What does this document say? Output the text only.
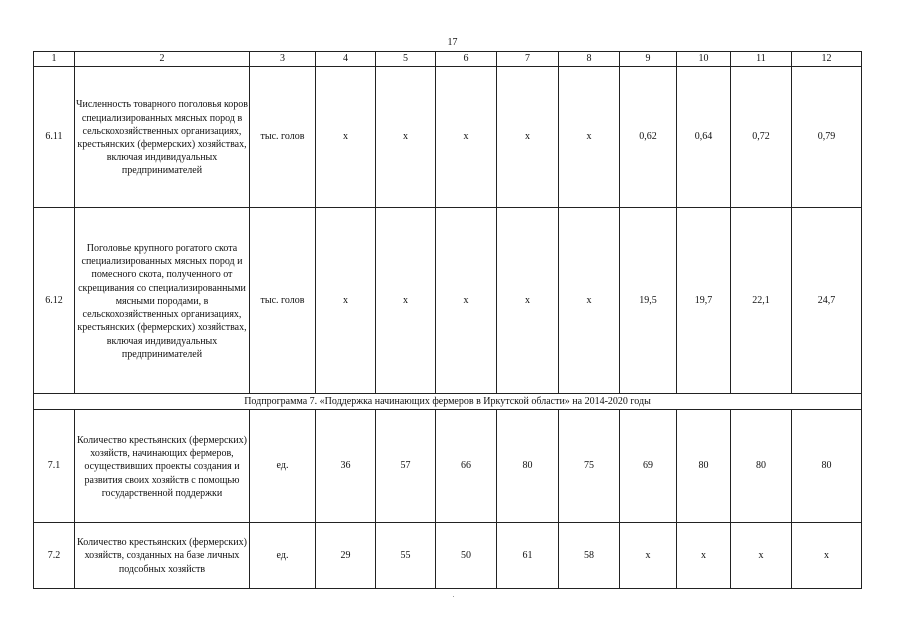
17
1	2	3	4	5	6	7	8	9	10	11	12
6.11	Численность товарного поголовья коров специализированных мясных пород в сельскохозяйственных организациях, крестьянских (фермерских) хозяйствах, включая индивидуальных предпринимателей	тыс. голов	х	х	х	х	х	0,62	0,64	0,72	0,79
6.12	Поголовье крупного рогатого скота специализированных мясных пород и помесного скота, полученного от скрещивания со специализированными мясными породами, в сельскохозяйственных организациях, крестьянских (фермерских) хозяйствах, включая индивидуальных предпринимателей	тыс. голов	х	х	х	х	х	19,5	19,7	22,1	24,7
Подпрограмма 7. «Поддержка начинающих фермеров в Иркутской области» на 2014-2020 годы											
7.1	Количество крестьянских (фермерских) хозяйств, начинающих фермеров, осуществивших проекты создания и развития своих хозяйств с помощью государственной поддержки	ед.	36	57	66	80	75	69	80	80	80
7.2	Количество крестьянских (фермерских) хозяйств, созданных на базе личных подсобных хозяйств	ед.	29	55	50	61	58	х	х	х	х
